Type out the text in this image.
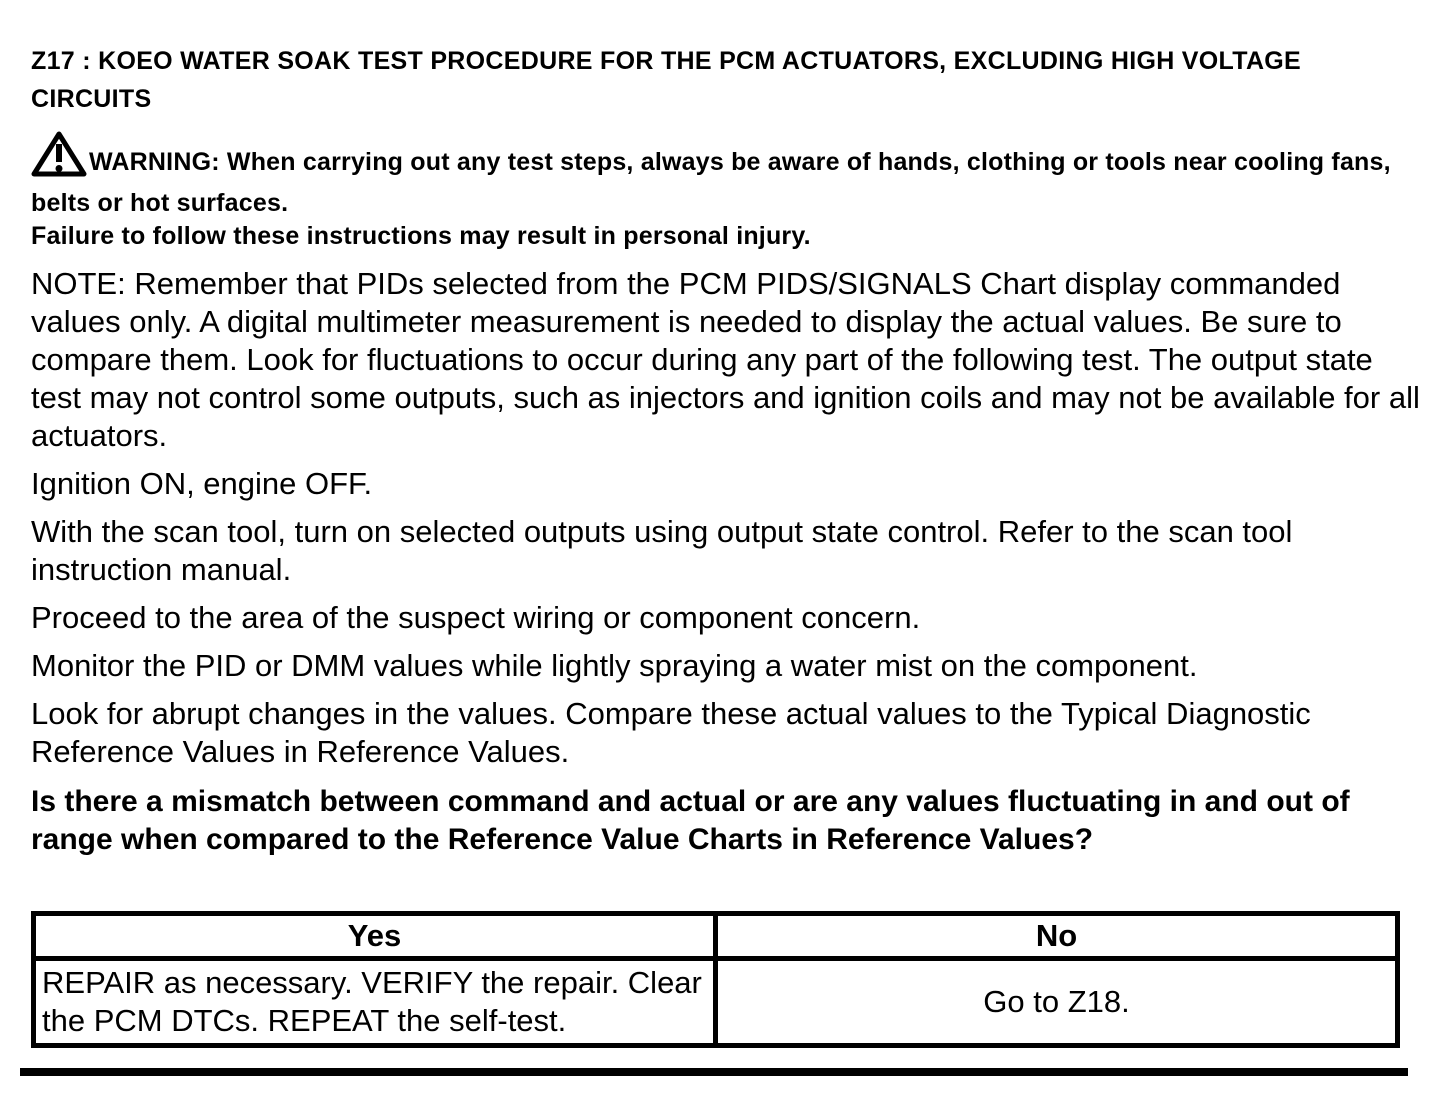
Z17 : KOEO WATER SOAK TEST PROCEDURE FOR THE PCM ACTUATORS, EXCLUDING HIGH VOLTAGE CIRCUITS
WARNING: When carrying out any test steps, always be aware of hands, clothing or tools near cooling fans, belts or hot surfaces.
Failure to follow these instructions may result in personal injury.
NOTE: Remember that PIDs selected from the PCM PIDS/SIGNALS Chart display commanded values only. A digital multimeter measurement is needed to display the actual values. Be sure to compare them. Look for fluctuations to occur during any part of the following test. The output state test may not control some outputs, such as injectors and ignition coils and may not be available for all actuators.

Ignition ON, engine OFF.

With the scan tool, turn on selected outputs using output state control. Refer to the scan tool instruction manual.

Proceed to the area of the suspect wiring or component concern.

Monitor the PID or DMM values while lightly spraying a water mist on the component.

Look for abrupt changes in the values. Compare these actual values to the Typical Diagnostic Reference Values in Reference Values.

Is there a mismatch between command and actual or are any values fluctuating in and out of range when compared to the Reference Value Charts in Reference Values?

Yes	No
REPAIR as necessary. VERIFY the repair. Clear the PCM DTCs. REPEAT the self-test.	Go to Z18.
